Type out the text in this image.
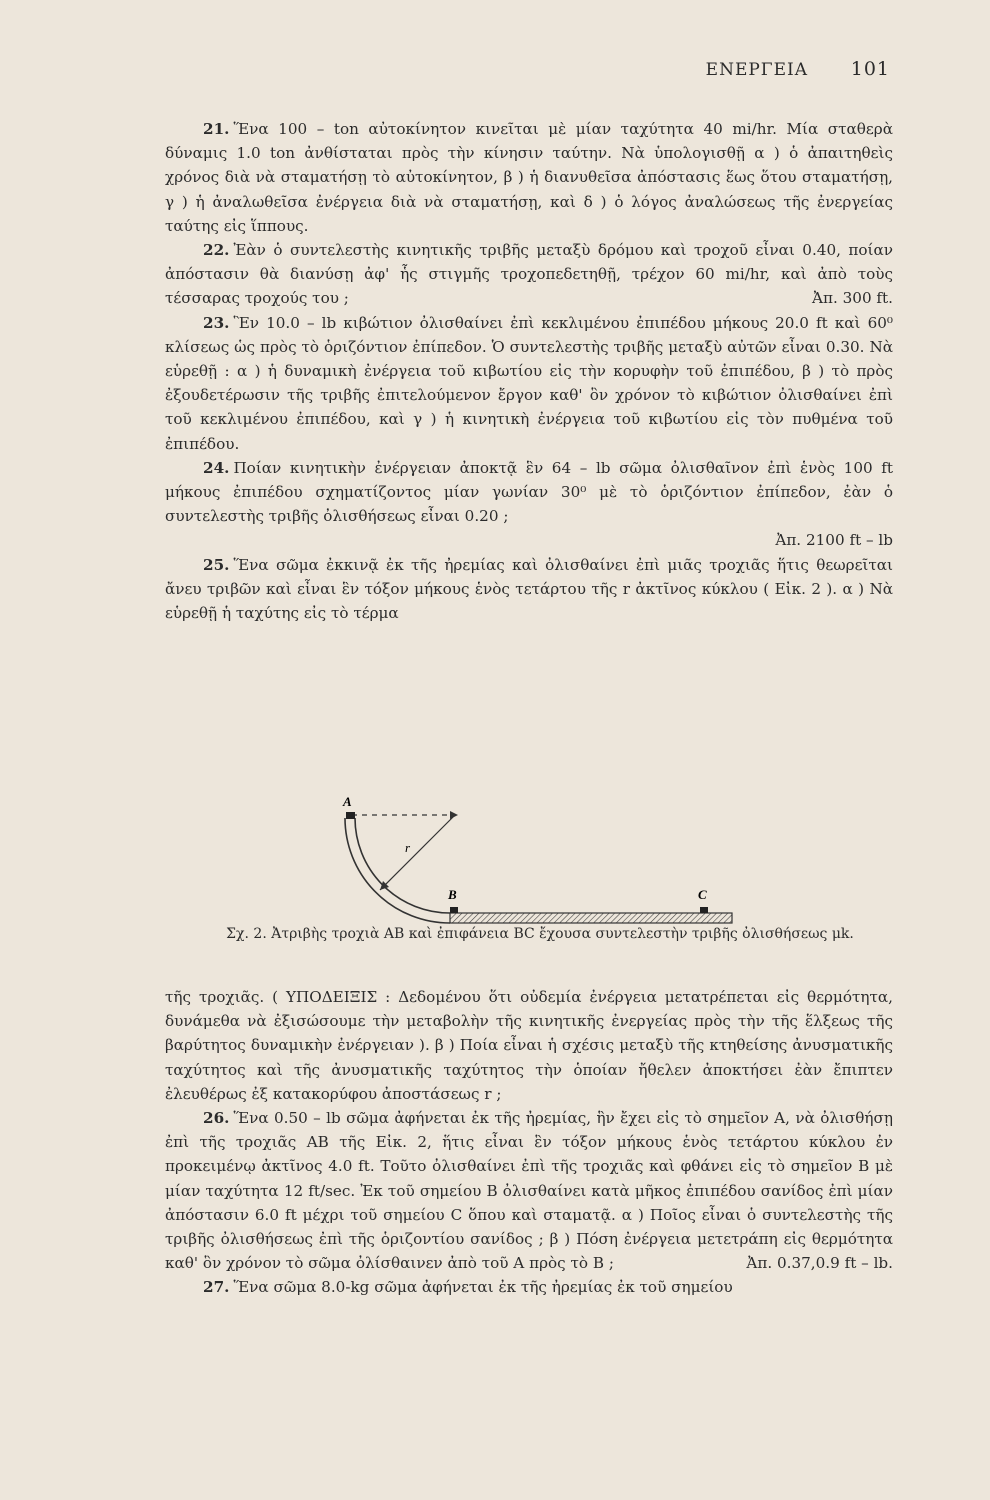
ΕΝΕΡΓΕΙΑ 101

21. Ἕνα 100 – ton αὐτοκίνητον κινεῖται μὲ μίαν ταχύτητα 40 mi/hr. Μία σταθερὰ δύναμις 1.0 ton ἀνθίσταται πρὸς τὴν κίνησιν ταύτην. Νὰ ὑπολογισθῇ α ) ὁ ἀπαιτηθεὶς χρόνος διὰ νὰ σταματήσῃ τὸ αὐτοκίνητον, β ) ἡ διανυθεῖσα ἀπόστασις ἕως ὅτου σταματήσῃ, γ ) ἡ ἀναλωθεῖσα ἐνέργεια διὰ νὰ σταματήσῃ, καὶ δ ) ὁ λόγος ἀναλώσεως τῆς ἐνεργείας ταύτης εἰς ἵππους.

22. Ἐὰν ὁ συντελεστὴς κινητικῆς τριβῆς μεταξὺ δρόμου καὶ τροχοῦ εἶναι 0.40, ποίαν ἀπόστασιν θὰ διανύσῃ ἀφ' ἧς στιγμῆς τροχοπεδετηθῇ, τρέχον 60 mi/hr, καὶ ἀπὸ τοὺς τέσσαρας τροχούς του ;	Ἀπ. 300 ft.

23. Ἓν 10.0 – lb κιβώτιον ὀλισθαίνει ἐπὶ κεκλιμένου ἐπιπέδου μήκους 20.0 ft καὶ 60⁰ κλίσεως ὡς πρὸς τὸ ὁριζόντιον ἐπίπεδον. Ὁ συντελεστὴς τριβῆς μεταξὺ αὐτῶν εἶναι 0.30. Νὰ εὑρεθῇ : α ) ἡ δυναμικὴ ἐνέργεια τοῦ κιβωτίου εἰς τὴν κορυφὴν τοῦ ἐπιπέδου, β ) τὸ πρὸς ἐξουδετέρωσιν τῆς τριβῆς ἐπιτελούμενον ἔργον καθ' ὃν χρόνον τὸ κιβώτιον ὀλισθαίνει ἐπὶ τοῦ κεκλιμένου ἐπιπέδου, καὶ γ ) ἡ κινητικὴ ἐνέργεια τοῦ κιβωτίου εἰς τὸν πυθμένα τοῦ ἐπιπέδου.

24. Ποίαν κινητικὴν ἐνέργειαν ἀποκτᾷ ἓν 64 – lb σῶμα ὀλισθαῖνον ἐπὶ ἑνὸς 100 ft μήκους ἐπιπέδου σχηματίζοντος μίαν γωνίαν 30⁰ μὲ τὸ ὁριζόντιον ἐπίπεδον, ἐὰν ὁ συντελεστὴς τριβῆς ὀλισθήσεως εἶναι 0.20 ;
Ἀπ. 2100 ft – lb

25. Ἕνα σῶμα ἐκκινᾷ ἐκ τῆς ἠρεμίας καὶ ὀλισθαίνει ἐπὶ μιᾶς τροχιᾶς ἥτις θεωρεῖται ἄνευ τριβῶν καὶ εἶναι ἓν τόξον μήκους ἑνὸς τετάρτου τῆς r ἀκτῖνος κύκλου ( Εἰκ. 2 ). α ) Νὰ εὑρεθῇ ἡ ταχύτης εἰς τὸ τέρμα

A
r
B	C
Σχ. 2. Ἀτριβὴς τροχιὰ AB καὶ ἐπιφάνεια BC ἔχουσα συντελεστὴν τριβῆς ὀλισθήσεως μk.

τῆς τροχιᾶς. ( ΥΠΟΔΕΙΞΙΣ : Δεδομένου ὅτι οὐδεμία ἐνέργεια μετατρέπεται εἰς θερμότητα, δυνάμεθα νὰ ἐξισώσουμε τὴν μεταβολὴν τῆς κινητικῆς ἐνεργείας πρὸς τὴν τῆς ἕλξεως τῆς βαρύτητος δυναμικὴν ἐνέργειαν ). β ) Ποία εἶναι ἡ σχέσις μεταξὺ τῆς κτηθείσης ἀνυσματικῆς ταχύτητος καὶ τῆς ἀνυσματικῆς ταχύτητος τὴν ὁποίαν ἤθελεν ἀποκτήσει ἐὰν ἔπιπτεν ἐλευθέρως ἐξ κατακορύφου ἀποστάσεως r ;

26. Ἕνα 0.50 – lb σῶμα ἀφήνεται ἐκ τῆς ἠρεμίας, ἣν ἔχει εἰς τὸ σημεῖον A, νὰ ὀλισθήσῃ ἐπὶ τῆς τροχιᾶς AB τῆς Εἰκ. 2, ἥτις εἶναι ἓν τόξον μήκους ἑνὸς τετάρτου κύκλου ἐν προκειμένῳ ἀκτῖνος 4.0 ft. Τοῦτο ὀλισθαίνει ἐπὶ τῆς τροχιᾶς καὶ φθάνει εἰς τὸ σημεῖον B μὲ μίαν ταχύτητα 12 ft/sec. Ἐκ τοῦ σημείου B ὀλισθαίνει κατὰ μῆκος ἐπιπέδου σανίδος ἐπὶ μίαν ἀπόστασιν 6.0 ft μέχρι τοῦ σημείου C ὅπου καὶ σταματᾷ. α ) Ποῖος εἶναι ὁ συντελεστὴς τῆς τριβῆς ὀλισθήσεως ἐπὶ τῆς ὁριζοντίου σανίδος ; β ) Πόση ἐνέργεια μετετράπη εἰς θερμότητα καθ' ὃν χρόνον τὸ σῶμα ὀλίσθαινεν ἀπὸ τοῦ A πρὸς τὸ B ;	Ἀπ. 0.37,0.9 ft – lb.

27. Ἕνα σῶμα 8.0-kg σῶμα ἀφήνεται ἐκ τῆς ἠρεμίας ἐκ τοῦ σημείου
